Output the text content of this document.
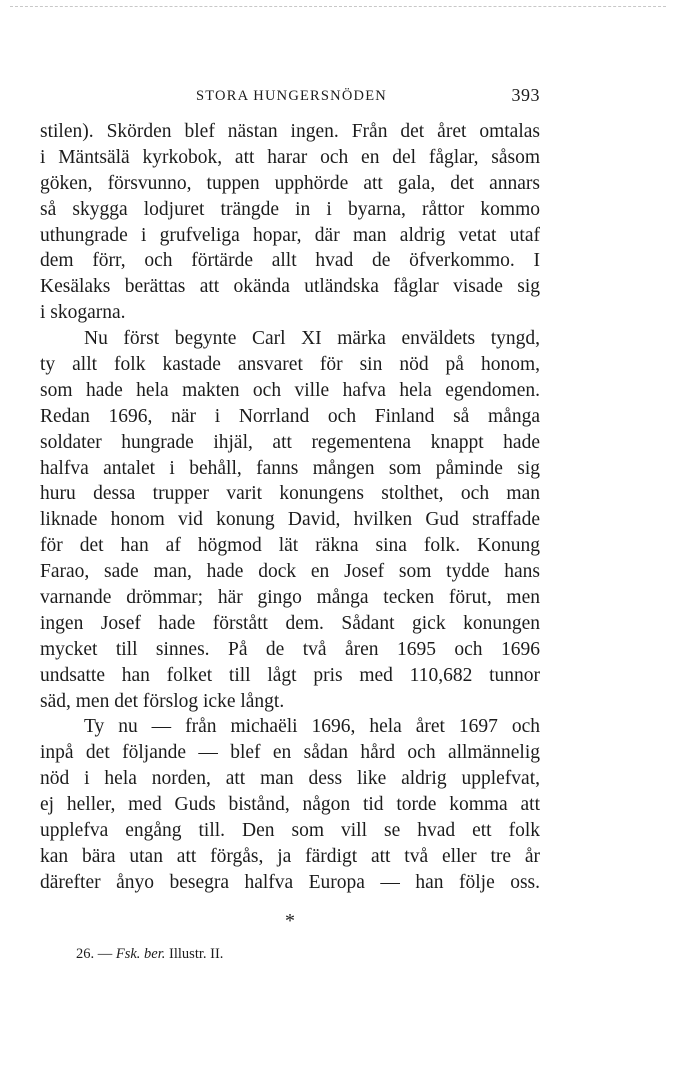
STORA HUNGERSNÖDEN	393
stilen). Skörden blef nästan ingen. Från det året omtalas
i Mäntsälä kyrkobok, att harar och en del fåglar, såsom
göken, försvunno, tuppen upphörde att gala, det annars
så skygga lodjuret trängde in i byarna, råttor kommo
uthungrade i grufveliga hopar, där man aldrig vetat utaf
dem förr, och förtärde allt hvad de öfverkommo. I
Kesälaks berättas att okända utländska fåglar visade sig
i skogarna.
Nu först begynte Carl XI märka enväldets tyngd,
ty allt folk kastade ansvaret för sin nöd på honom,
som hade hela makten och ville hafva hela egendomen.
Redan 1696, när i Norrland och Finland så många
soldater hungrade ihjäl, att regementena knappt hade
halfva antalet i behåll, fanns mången som påminde sig
huru dessa trupper varit konungens stolthet, och man
liknade honom vid konung David, hvilken Gud straffade
för det han af högmod lät räkna sina folk. Konung
Farao, sade man, hade dock en Josef som tydde hans
varnande drömmar; här gingo många tecken förut, men
ingen Josef hade förstått dem. Sådant gick konungen
mycket till sinnes. På de två åren 1695 och 1696
undsatte han folket till lågt pris med 110,682 tunnor
säd, men det förslog icke långt.
Ty nu — från michaëli 1696, hela året 1697 och
inpå det följande — blef en sådan hård och allmännelig
nöd i hela norden, att man dess like aldrig upplefvat,
ej heller, med Guds bistånd, någon tid torde komma att
upplefva engång till. Den som vill se hvad ett folk
kan bära utan att förgås, ja färdigt att två eller tre år
därefter ånyo besegra halfva Europa — han följe oss.
*
26. — Fsk. ber. Illustr. II.
